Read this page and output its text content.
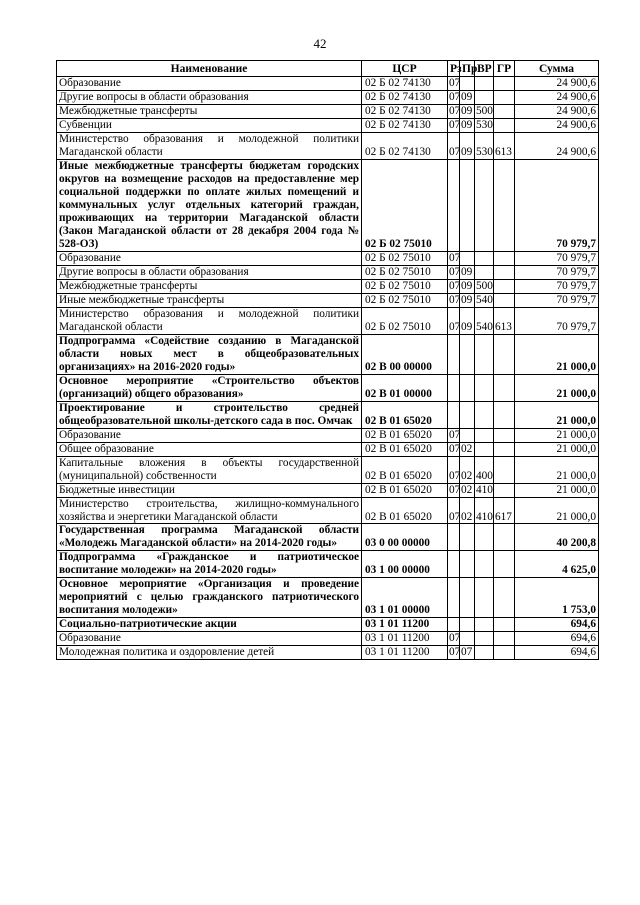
42
Наименование	ЦСР	Рз	Пр	ВР	ГР	Сумма
Образование	02 Б 02 74130	07				24 900,6
Другие вопросы в области образования	02 Б 02 74130	07	09			24 900,6
Межбюджетные трансферты	02 Б 02 74130	07	09	500		24 900,6
Субвенции	02 Б 02 74130	07	09	530		24 900,6
Министерство образования и молодежной политики Магаданской области	02 Б 02 74130	07	09	530	613	24 900,6
Иные межбюджетные трансферты бюджетам городских округов на возмещение расходов на предоставление мер социальной поддержки по оплате жилых помещений и коммунальных услуг отдельных категорий граждан, проживающих на территории Магаданской области (Закон Магаданской области от 28 декабря 2004 года № 528-ОЗ)	02 Б 02 75010					70 979,7
Образование	02 Б 02 75010	07				70 979,7
Другие вопросы в области образования	02 Б 02 75010	07	09			70 979,7
Межбюджетные трансферты	02 Б 02 75010	07	09	500		70 979,7
Иные межбюджетные трансферты	02 Б 02 75010	07	09	540		70 979,7
Министерство образования и молодежной политики Магаданской области	02 Б 02 75010	07	09	540	613	70 979,7
Подпрограмма «Содействие созданию в Магаданской области новых мест в общеобразовательных организациях» на 2016-2020 годы»	02 В 00 00000					21 000,0
Основное мероприятие «Строительство объектов (организаций) общего образования»	02 В 01 00000					21 000,0
Проектирование и строительство средней общеобразовательной школы-детского сада в пос. Омчак	02 В 01 65020					21 000,0
Образование	02 В 01 65020	07				21 000,0
Общее образование	02 В 01 65020	07	02			21 000,0
Капитальные вложения в объекты государственной (муниципальной) собственности	02 В 01 65020	07	02	400		21 000,0
Бюджетные инвестиции	02 В 01 65020	07	02	410		21 000,0
Министерство строительства, жилищно-коммунального хозяйства и энергетики Магаданской области	02 В 01 65020	07	02	410	617	21 000,0
Государственная программа Магаданской области «Молодежь Магаданской области» на 2014-2020 годы»	03 0 00 00000					40 200,8
Подпрограмма «Гражданское и патриотическое воспитание молодежи» на 2014-2020 годы»	03 1 00 00000					4 625,0
Основное мероприятие «Организация и проведение мероприятий с целью гражданского патриотического воспитания молодежи»	03 1 01 00000					1 753,0
Социально-патриотические акции	03 1 01 11200					694,6
Образование	03 1 01 11200	07				694,6
Молодежная политика и оздоровление детей	03 1 01 11200	07	07			694,6
